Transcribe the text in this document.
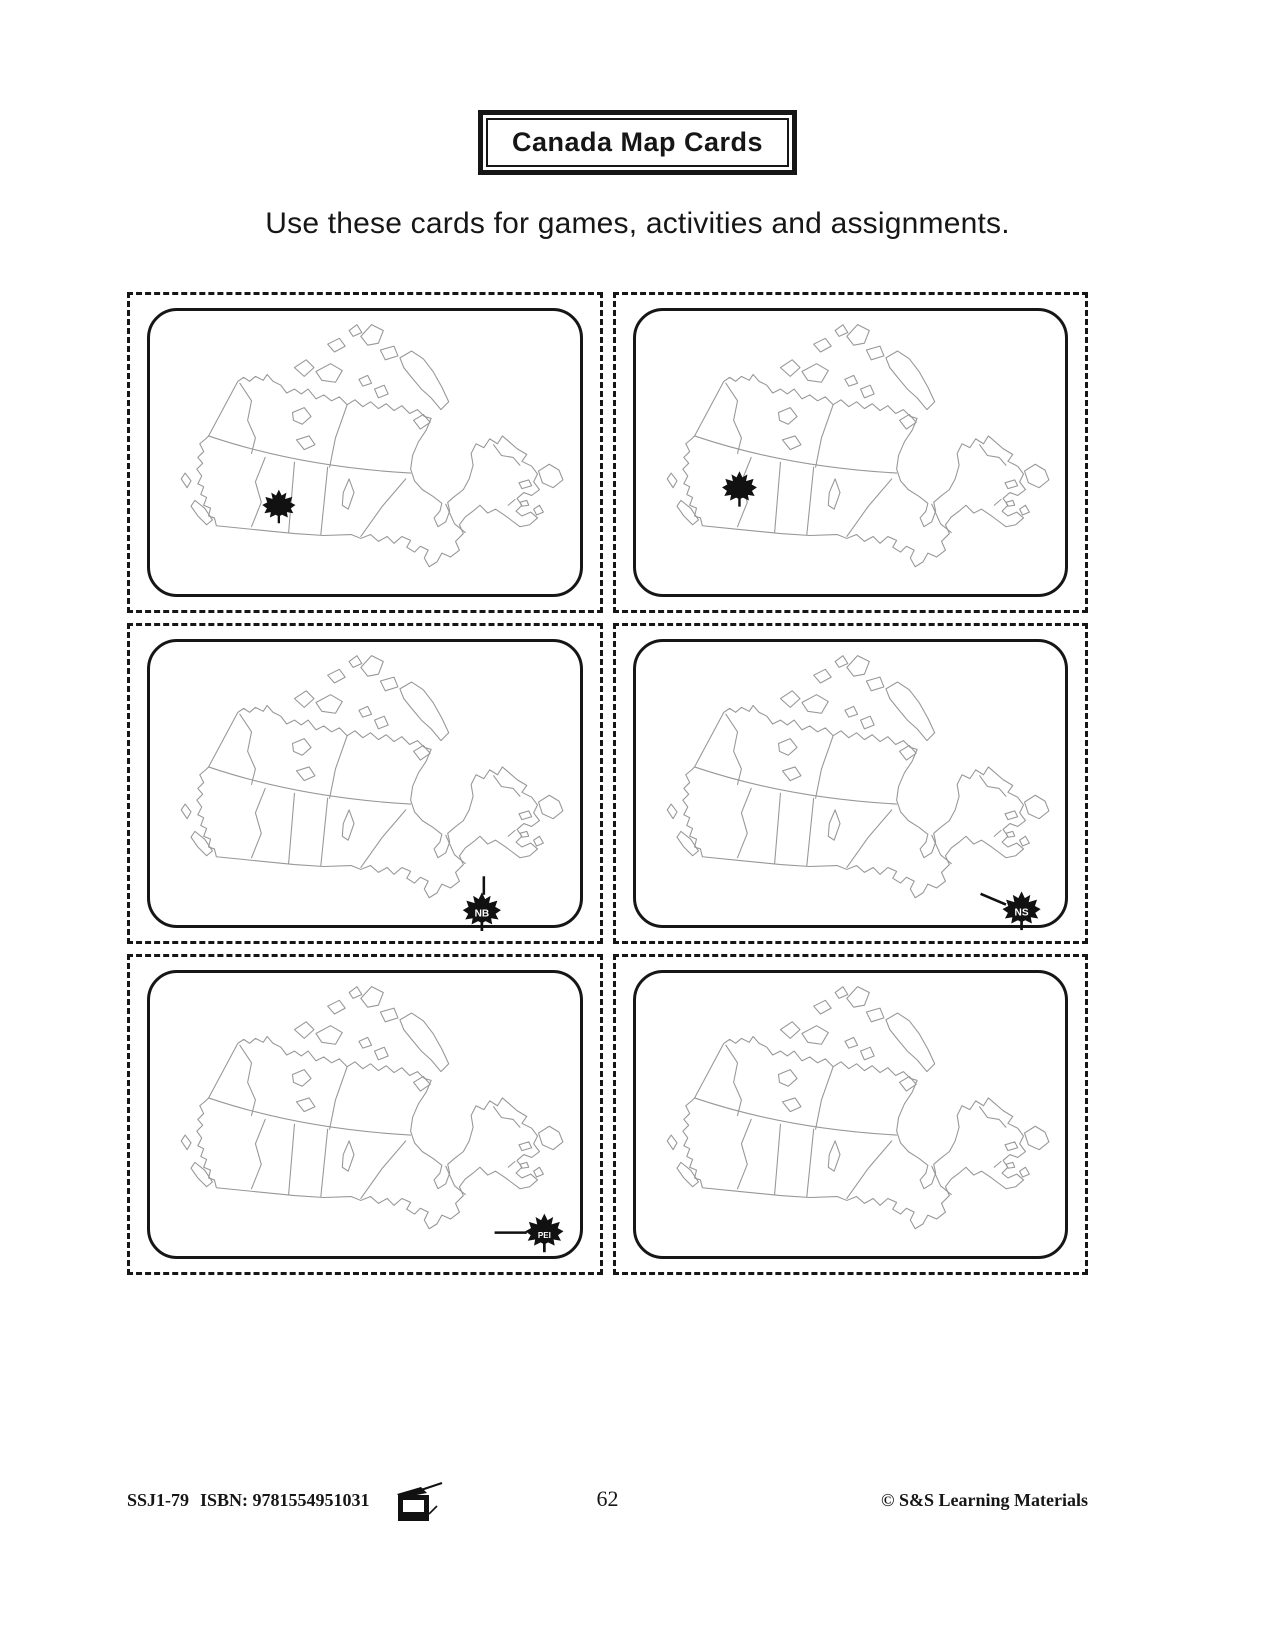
Canada Map Cards
Use these cards for games, activities and assignments.
NB	NS
PEI
SSJ1-79 ISBN: 9781554951031	62	© S&S Learning Materials
